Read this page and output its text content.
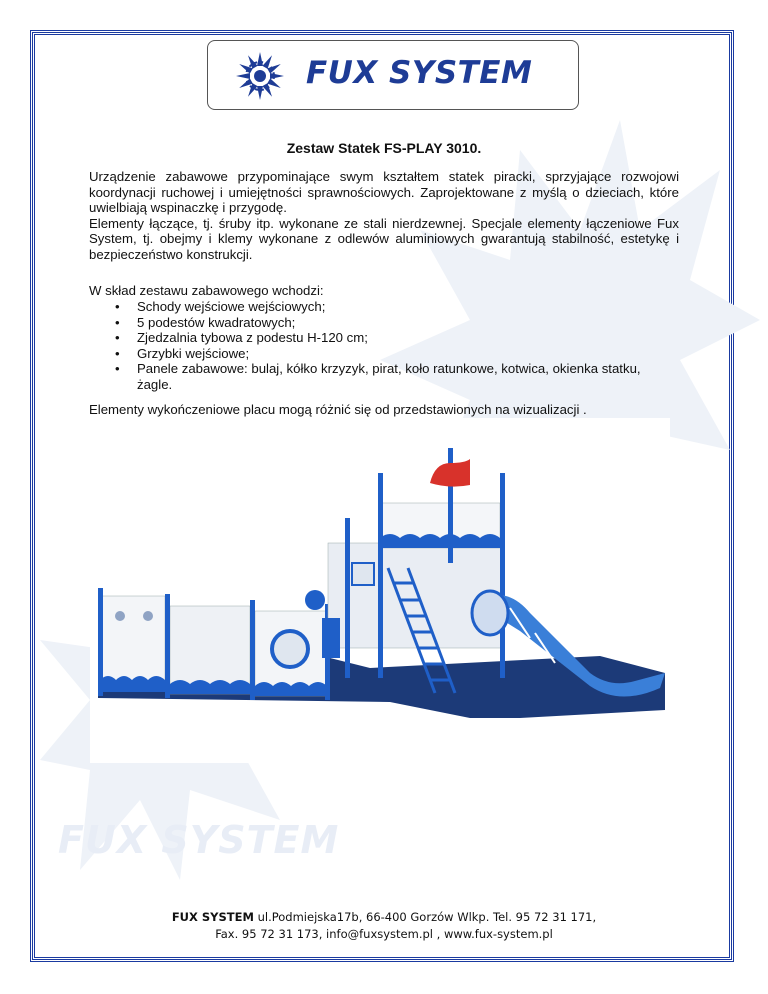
FUX SYSTEM
FUX SYSTEM
Zestaw Statek FS-PLAY 3010.

Urządzenie zabawowe przypominające swym kształtem statek piracki, sprzyjające rozwojowi koordynacji ruchowej i umiejętności sprawnościowych. Zaprojektowane z myślą o dzieciach, które uwielbiają wspinaczkę i przygodę.

Elementy łączące, tj. śruby itp. wykonane ze stali nierdzewnej. Specjale elementy łączeniowe Fux System, tj. obejmy i klemy wykonane z odlewów aluminiowych gwarantują stabilność, estetykę i bezpieczeństwo konstrukcji.

W skład zestawu zabawowego wchodzi:
• Schody wejściowe wejściowych;
• 5 podestów kwadratowych;
• Zjedzalnia tybowa z podestu H-120 cm;
• Grzybki wejściowe;
• Panele zabawowe: bulaj, kółko krzyzyk, pirat, koło ratunkowe, kotwica, okienka statku, żagle.
Elementy wykończeniowe placu mogą różnić się od przedstawionych na wizualizacji .
FUX SYSTEM ul.Podmiejska17b, 66-400 Gorzów Wlkp. Tel. 95 72 31 171,
Fax. 95 72 31 173, info@fuxsystem.pl , www.fux-system.pl
